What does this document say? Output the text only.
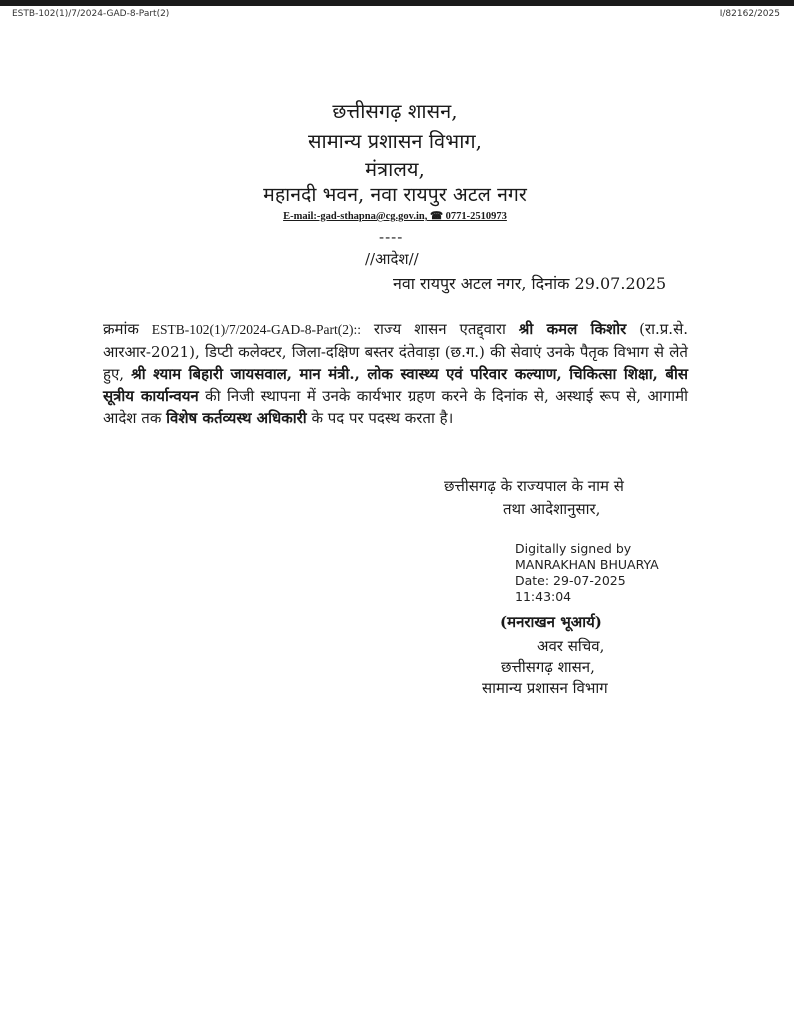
ESTB-102(1)/7/2024-GAD-8-Part(2)	I/82162/2025
छत्तीसगढ़ शासन,
सामान्य प्रशासन विभाग,
मंत्रालय,
महानदी भवन, नवा रायपुर अटल नगर
E-mail:-gad-sthapna@cg.gov.in, ☎ 0771-2510973
----
//आदेश//
नवा रायपुर अटल नगर, दिनांक 29.07.2025
क्रमांक ESTB-102(1)/7/2024-GAD-8-Part(2):: राज्य शासन एतद्द्वारा श्री कमल किशोर (रा.प्र.से. आरआर-2021), डिप्टी कलेक्टर, जिला-दक्षिण बस्तर दंतेवाड़ा (छ.ग.) की सेवाएं उनके पैतृक विभाग से लेते हुए, श्री श्याम बिहारी जायसवाल, मान मंत्री., लोक स्वास्थ्य एवं परिवार कल्याण, चिकित्सा शिक्षा, बीस सूत्रीय कार्यान्वयन की निजी स्थापना में उनके कार्यभार ग्रहण करने के दिनांक से, अस्थाई रूप से, आगामी आदेश तक विशेष कर्तव्यस्थ अधिकारी के पद पर पदस्थ करता है।
छत्तीसगढ़ के राज्यपाल के नाम से
तथा आदेशानुसार,
Digitally signed by
MANRAKHAN BHUARYA
Date: 29-07-2025
11:43:04
(मनराखन भूआर्य)
अवर सचिव,
छत्तीसगढ़ शासन,
सामान्य प्रशासन विभाग
